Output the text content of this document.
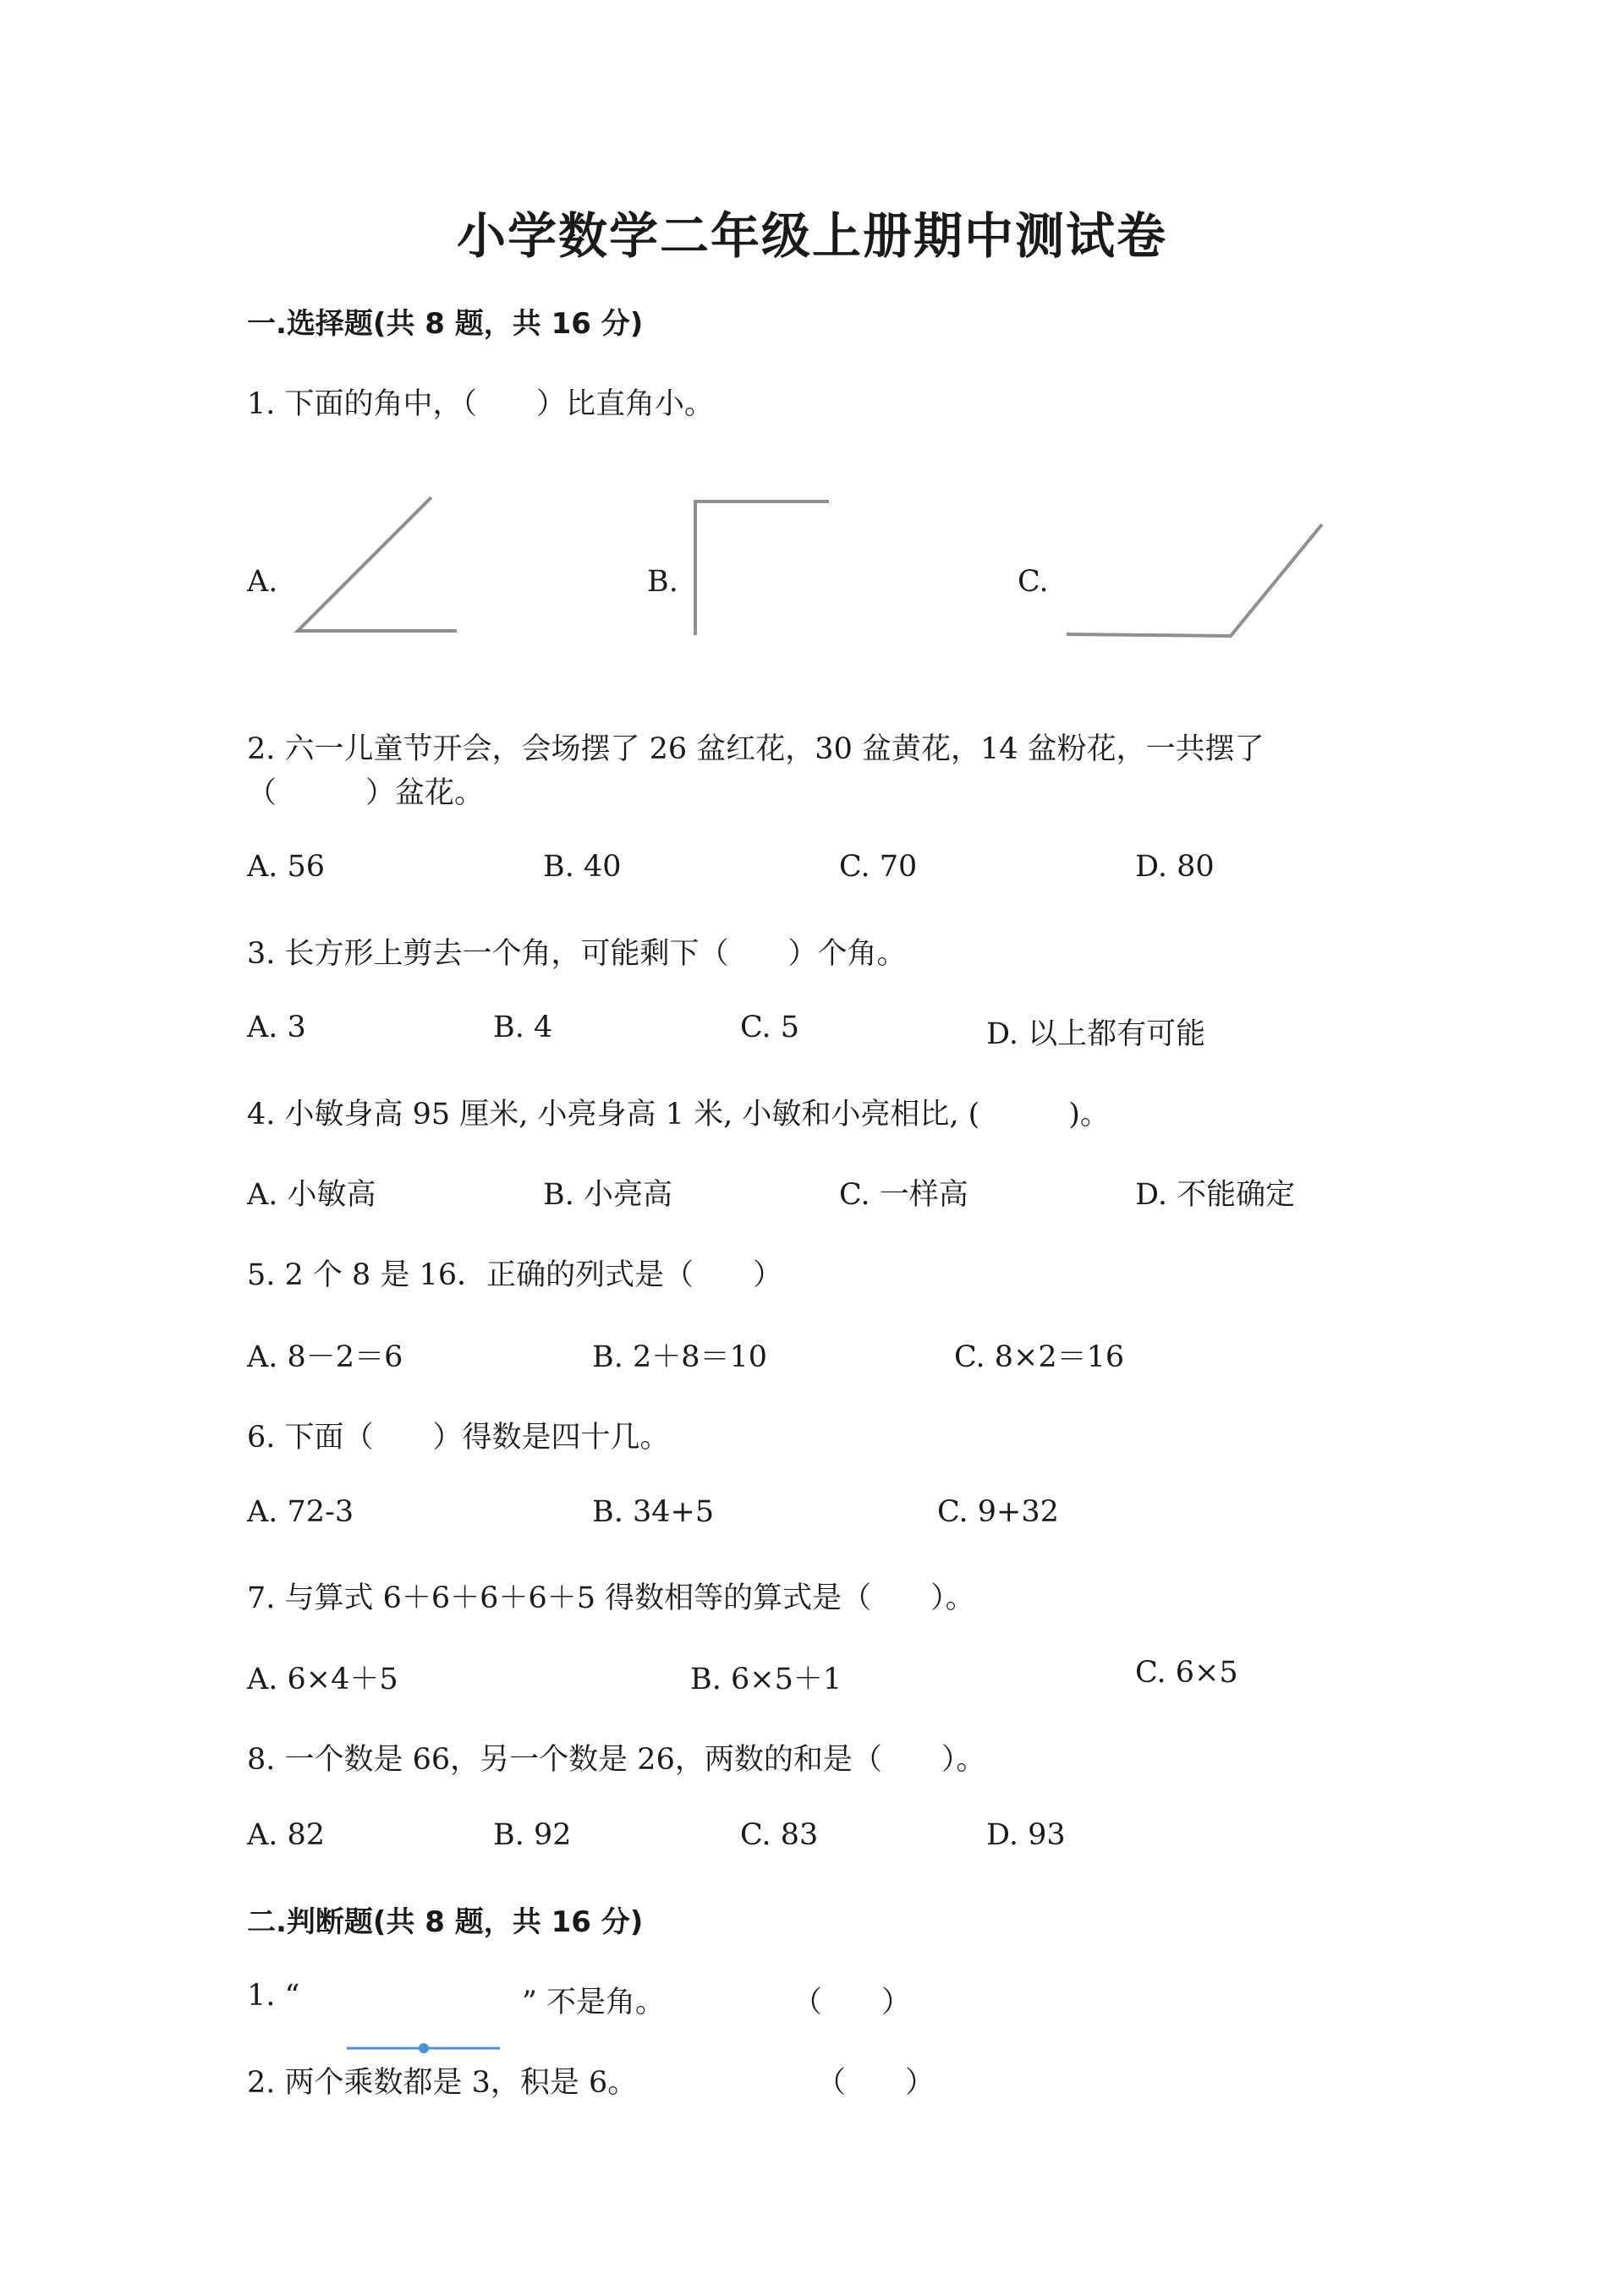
小学数学二年级上册期中测试卷
一.选择题(共 8 题，共 16 分)
1. 下面的角中，（　　）比直角小。
A.	B.	C.
2. 六一儿童节开会，会场摆了 26 盆红花，30 盆黄花，14 盆粉花，一共摆了
（　　　）盆花。
A. 56	B. 40	C. 70	D. 80
3. 长方形上剪去一个角，可能剩下（　　）个角。
A. 3	B. 4	C. 5	D. 以上都有可能
4. 小敏身高 95 厘米, 小亮身高 1 米, 小敏和小亮相比, (　　　)。
A. 小敏高	B. 小亮高	C. 一样高	D. 不能确定
5. 2 个 8 是 16．正确的列式是（　　）
A. 8－2＝6	B. 2＋8＝10	C. 8×2＝16
6. 下面（　　）得数是四十几。
A. 72-3	B. 34+5	C. 9+32
7. 与算式 6＋6＋6＋6＋5 得数相等的算式是（　　）。
A. 6×4＋5	B. 6×5＋1	C. 6×5
8. 一个数是 66，另一个数是 26，两数的和是（　　）。
A. 82	B. 92	C. 83	D. 93
二.判断题(共 8 题，共 16 分)
1. “	” 不是角。	（　　）
2. 两个乘数都是 3，积是 6。	（　　）
